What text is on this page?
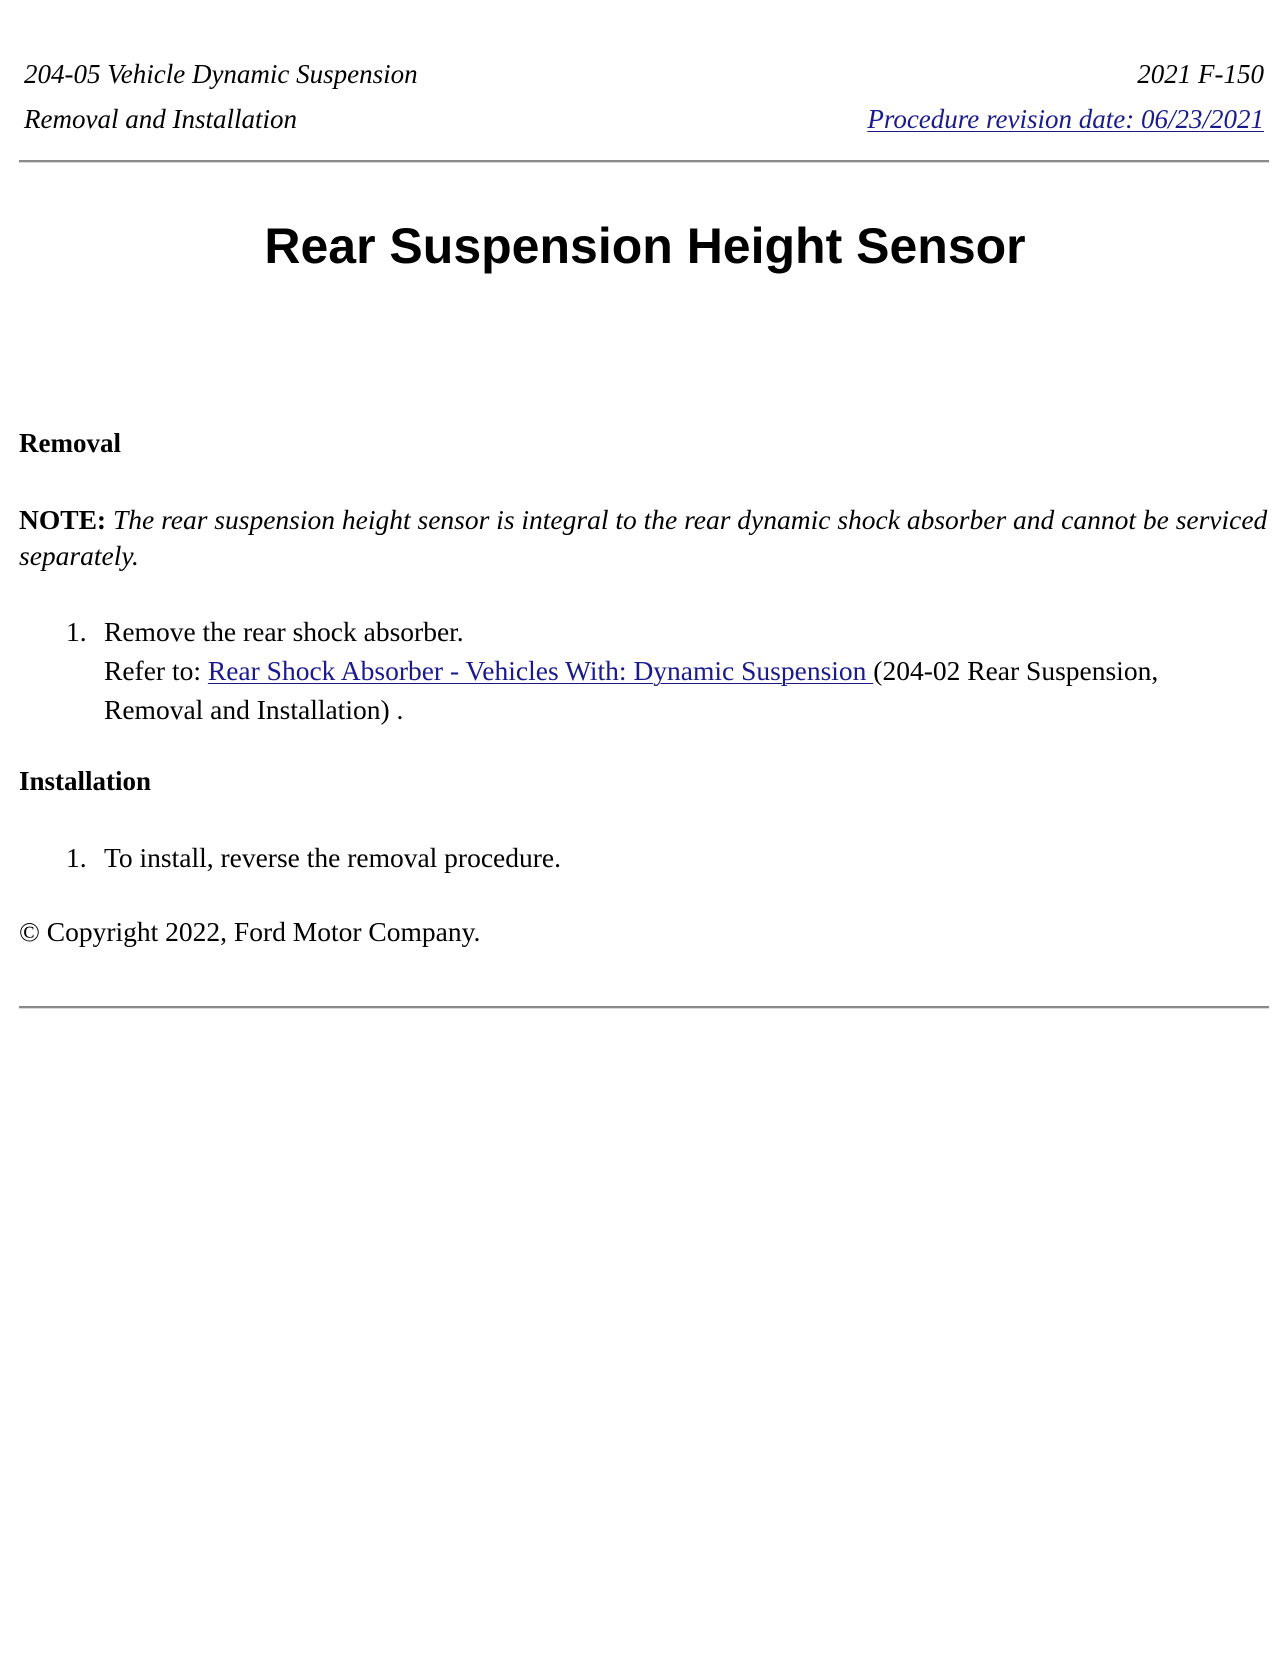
204-05 Vehicle Dynamic Suspension
Removal and Installation
2021 F-150
Procedure revision date: 06/23/2021
Rear Suspension Height Sensor
Removal
NOTE: The rear suspension height sensor is integral to the rear dynamic shock absorber and cannot be serviced separately.
1. Remove the rear shock absorber.
Refer to: Rear Shock Absorber - Vehicles With: Dynamic Suspension (204-02 Rear Suspension, Removal and Installation) .
Installation
1. To install, reverse the removal procedure.
© Copyright 2022, Ford Motor Company.
